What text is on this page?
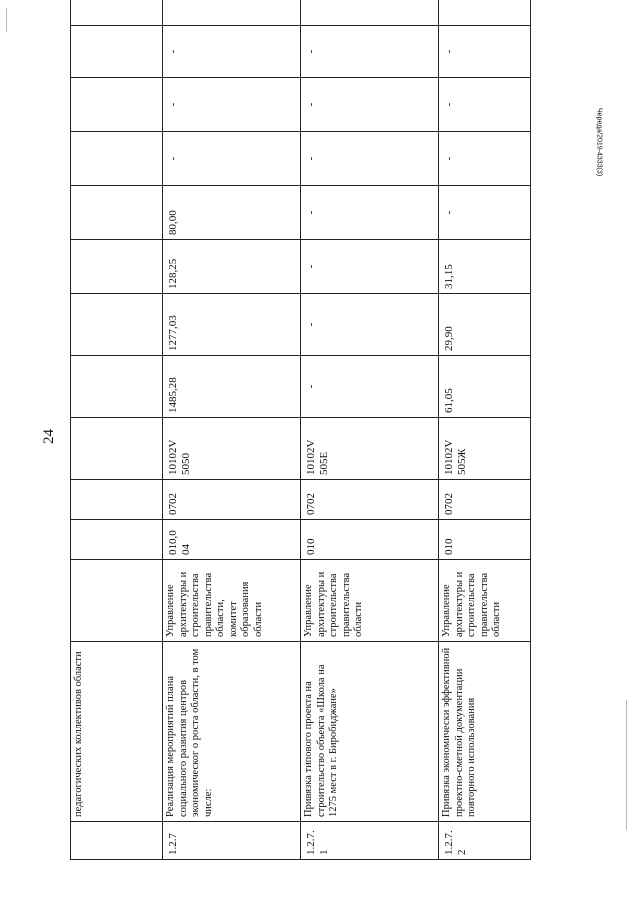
24
Череда/2019-4333(3)
	педагогических коллективов области												
1.2.7	Реализация мероприятий плана социального развития центров экономическог о роста области, в том числе:	Управление архитектуры и строительства правительства области, комитет образования области	010,0 04	0702	10102V 5050	1485,28	1277,03	128,25	80,00	-	-	-	
1.2.7. 1	Привязка типового проекта на строительство объекта «Школа на 1275 мест в г. Биробиджане»	Управление архитектуры и строительства правительства области	010	0702	10102V 505Е	-	-	-	-	-	-	-	
1.2.7. 2	Привязка экономически эффективной проектно-сметной документации повторного использования	Управление архитектуры и строительства правительства области	010	0702	10102V 505Ж	61,05	29,90	31,15	-	-	-	-	
